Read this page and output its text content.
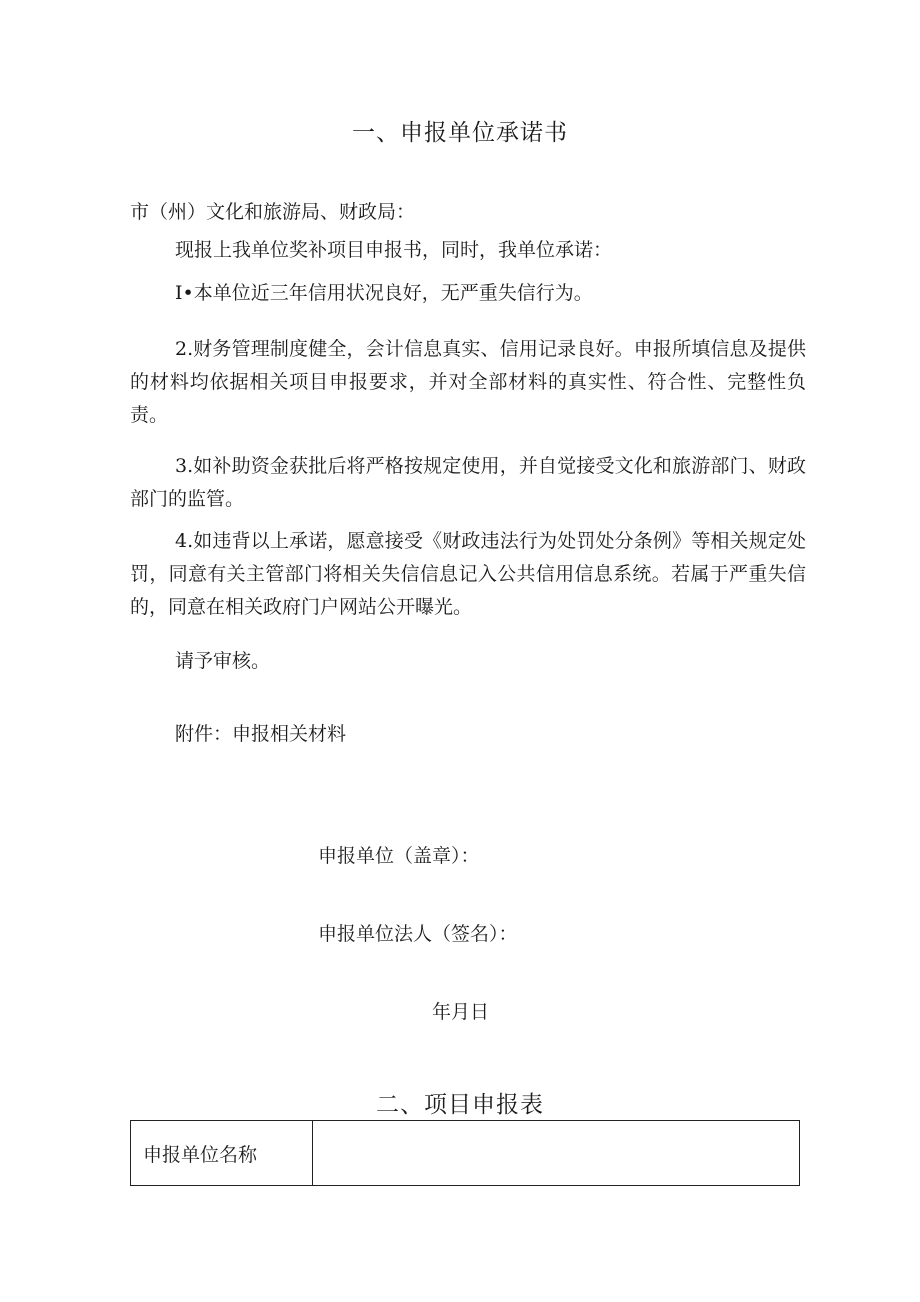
一、申报单位承诺书
市（州）文化和旅游局、财政局：
现报上我单位奖补项目申报书，同时，我单位承诺：
I•本单位近三年信用状况良好，无严重失信行为。
2.财务管理制度健全，会计信息真实、信用记录良好。申报所填信息及提供的材料均依据相关项目申报要求，并对全部材料的真实性、符合性、完整性负责。
3.如补助资金获批后将严格按规定使用，并自觉接受文化和旅游部门、财政部门的监管。
4.如违背以上承诺，愿意接受《财政违法行为处罚处分条例》等相关规定处罚，同意有关主管部门将相关失信信息记入公共信用信息系统。若属于严重失信的，同意在相关政府门户网站公开曝光。
请予审核。
附件：申报相关材料
申报单位（盖章）：
申报单位法人（签名）：
年月日
二、项目申报表
申报单位名称	
